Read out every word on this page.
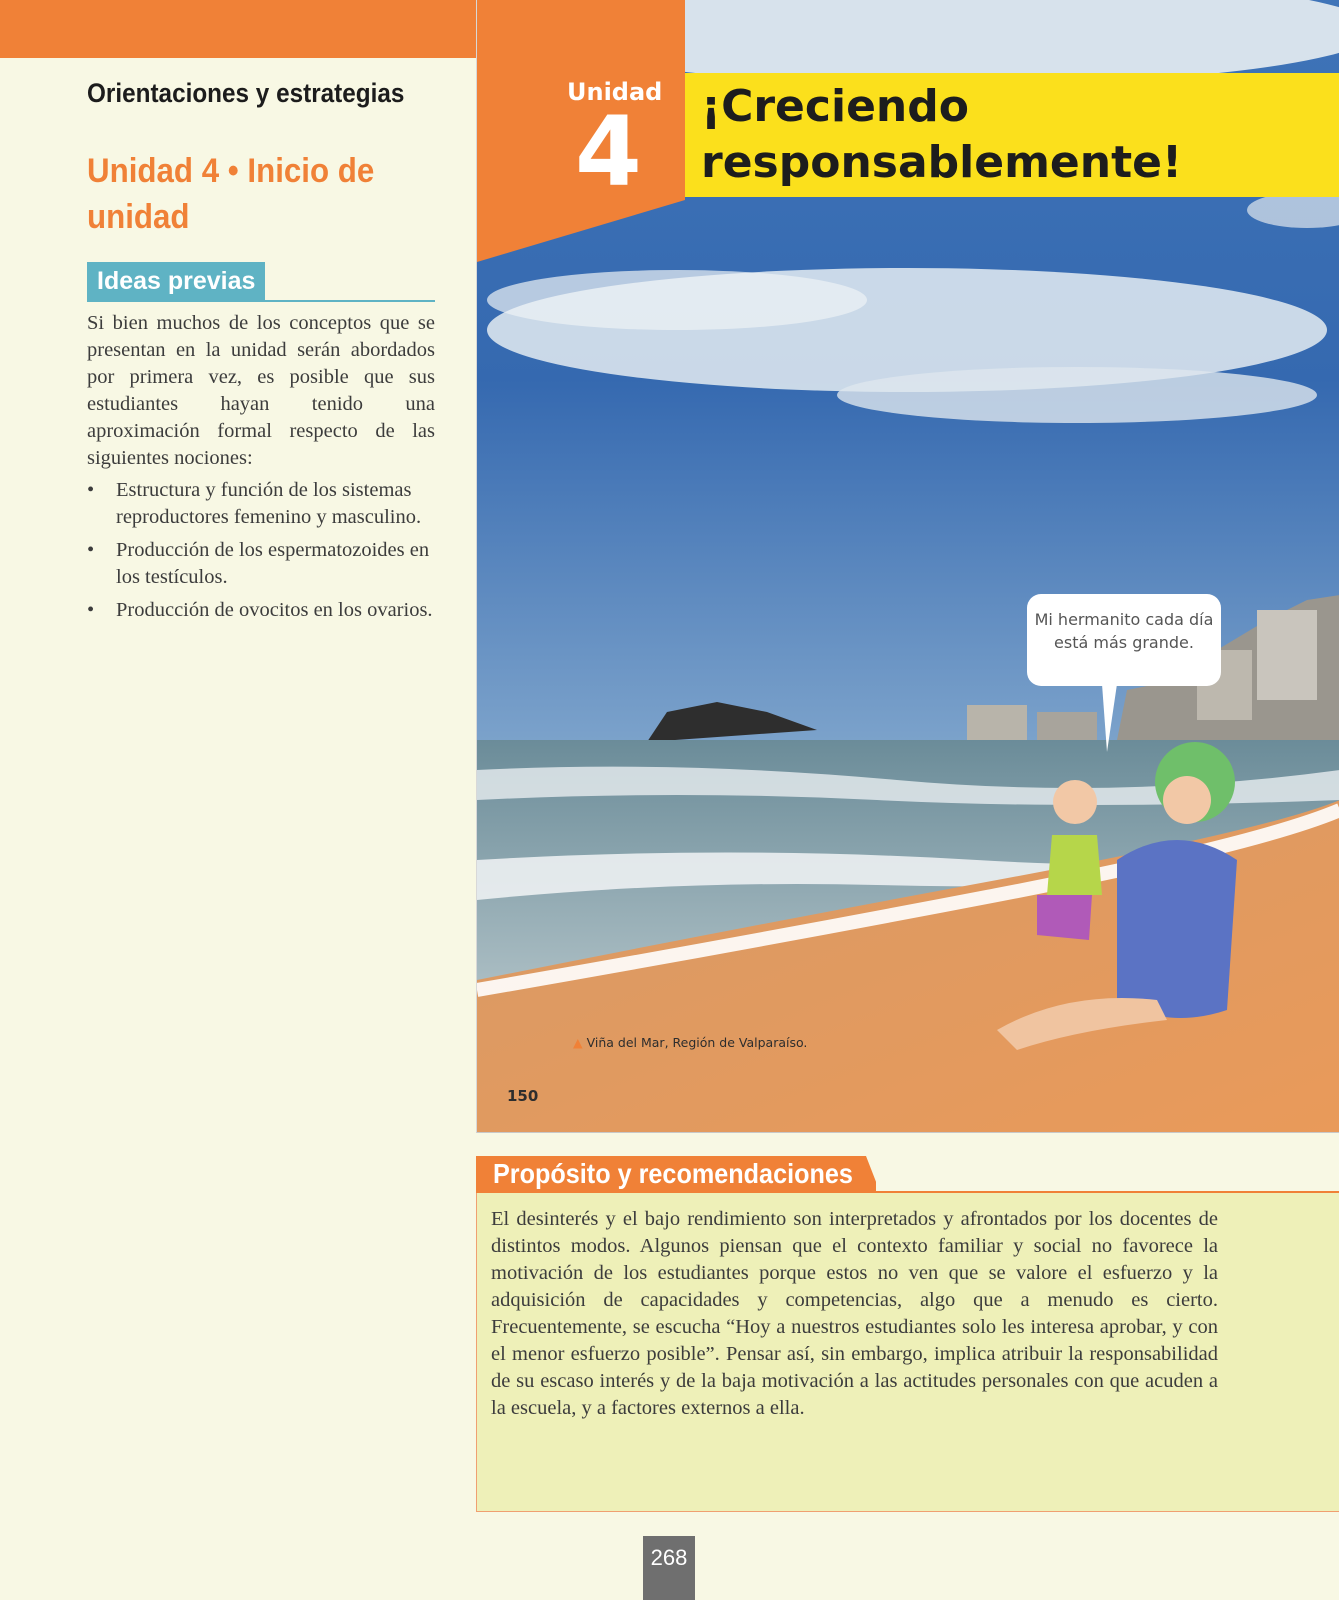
Orientaciones y estrategias
Unidad 4 • Inicio de unidad
Ideas previas

Si bien muchos de los conceptos que se presentan en la unidad serán abordados por primera vez, es posible que sus estudiantes hayan tenido una aproximación formal respecto de las siguientes nociones:

• Estructura y función de los sistemas reproductores femenino y masculino.
• Producción de los espermatozoides en los testículos.
• Producción de ovocitos en los ovarios.
Unidad
4 ¡Creciendo responsablemente!
Mi hermanito cada día está más grande.
▲ Viña del Mar, Región de Valparaíso.
150
Propósito y recomendaciones

El desinterés y el bajo rendimiento son interpretados y afrontados por los docentes de distintos modos. Algunos piensan que el contexto familiar y social no favorece la motivación de los estudiantes porque estos no ven que se valore el esfuerzo y la adquisición de capacidades y competencias, algo que a menudo es cierto. Frecuentemente, se escucha “Hoy a nuestros estudiantes solo les interesa aprobar, y con el menor esfuerzo posible”. Pensar así, sin embargo, implica atribuir la responsabilidad de su escaso interés y de la baja motivación a las actitudes personales con que acuden a la escuela, y a factores externos a ella.

268
